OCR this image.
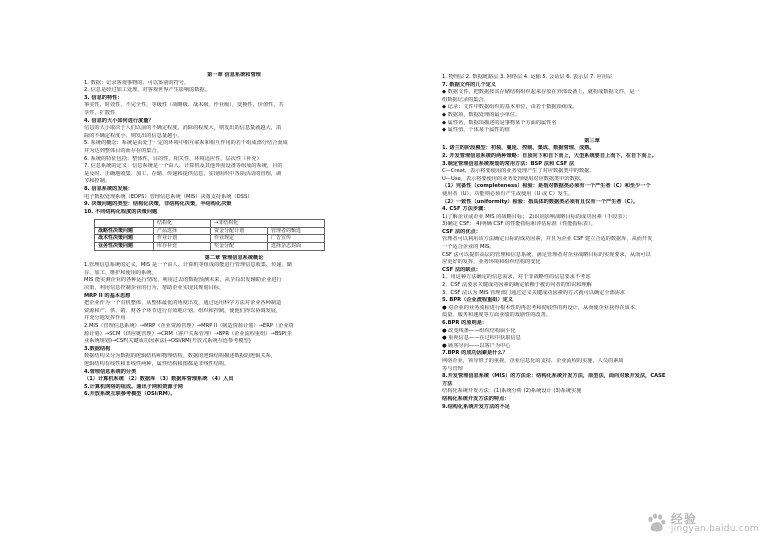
第一章 信息系统和管理
1. 数据：记录客观事物的、可以鉴别的符号。
2. 信息是经过加工处理，对客观世界产生影响的数据。
3. 信息的特性：
事实性，时效性，不完全性，等级性（战略级、战术级、作业级），变换性，价值性，共
享性，扩散性
4. 信息的大小如何进行度量？
信息的大小取决于人们以前的不确定程度，消除的程度大，则发出的信息量就越大，消
除的不确定程度小，则发出的信息量越小。
5. 系统的概念：系统是由处于一定的环境中相互联系和相互作用的若干组成部分结合而成
并为达到整体目的而存在的集合。
6. 系统的特征包括：整体性，目的性，相关性，环境适应性，层次性（补充）
7. 信息系统的定义：信息系统是一个由人、计算机及其他外围设备等组成的系统，目的
是及时、正确地收集、加工、存储、传递和提供信息，实现组织中各项活动的管理，调
节和控制。
8. 信息系统的发展：
电子数据处理系统（EDPS）管理信息系统（MIS）决策支持系统（DSS）
9. 决策问题的类型：结构化决策，非结构化决策，半结构化决策
10. 不同结构化程度的决策问题
	结构化	→非结构化	
战略性决策问题	产品选择	资金分配计划	管理者的甄选
战术性决策问题	作业计划	作业规定	广告宣传
业务性决策问题	库存补充	奖金分配	选择杂志封面
第二章 管理信息系统概论
1.管理信息系统的定义，MIS 是一个由人、计算机等组成的能进行管理信息收集、传递、储
存、加工、维护和使用的系统。
MIS 能实测企业的各种运行情况，利用过去的数据预测未来，从全局出发辅助企业进行
决策，利用信息控制企业的行为，帮助企业实现其规划目标。
MRP II 的基本思想
把企业作为一个有机整体，从整体最优的角度出发，通过运用科学方法对企业各种制造
资源和产、供、销、财各个环节进行有效地计划、组织和控制，使他们得以协调发展，
并充分地发挥作用
2.MIS（管理信息系统）→MRP（企业资源管理）→MRP II（制造资源计划）→ERP（企业资
源计划）→SCM（供应链管理）→CRM（客户关系管理）→BPR（企业流程重组）→BSP(企
业系统规划)→CSF(关键成功因素法)→OSI/RM(开放式系统互连参考模型)
3.数据结构
数据结构又分为数据的逻辑结构和物理结构。数据的逻辑结构描述数据的逻辑关系，
逻辑结构有线性和非线性两种，属性结构和图都是非线性结构。
4.管理信息系统的分类
（1）计算机系统 （2）数据库 （3）数据库管理系统 （4）人员
5.计算机网络的组成。通讯子网和资源子网
6.开放系统互联参考模型（OSI/RM）。
1. 物理层 2. 数据链路层 3. 网络层 4. 运输 5. 会话层 6. 表示层 7. 应用层
7. 数据文件的几个定义
◆ 数据文件，把数据按其存储结构组织起来存放在外部设备上，就构成数据文件，是一
组数据记录的集合。
◆ 记录：文件中数据组织的基本单位，由若干数据项组成。
◆ 数据项，数据处理的最小单位。
◆ 属性名，数据项描述的是事物某个方面的属性名
◆ 属性值，个体某个属性的值
第三章
1. 诺兰的阶段模型：初装、蔓延、控制、集成、数据管理、成熟。
2. 开发管理信息系统的两种策略：自顶向下和自下而上，大型系统要自上而下，在自下而上。
3.制定管理信息系统规划的常用方法：BSP 法和 CSF 法
C—Creat，表示将要使用的业务处理产生了对应数据类中的数据。
U—Use，表示将要使用的业务处理使用对应数据类中的数据。
（1）完备性（completeness）检验：是指对数据类必须有一个产生者（C）和至少一个
使用者（U），功能则必须有产生或使用（U 或 C）发生。
（2）一致性（uniformity）检验：指具体的数据类必须有且仅有一个产生者（C）。
4. CSF 方法步骤：
1)了解企业或企业 MIS 的战略目标； 2)识别影响战略目标的成功因素（手段表）；
3)确定 CSF； 4)明确 CSF 的性能指标和评估标准（性能指标表）。
CSF 法的优点：
管理者可以利用该方法确定目标的成功因素，并且为企业 CSF 建立合适的数据库，从而开发
一个适合企业的 MIS。
CSF 法可以提供高层的管理和信息系统，满足管理者对企业战略目标的实现要求，从而可以
应更好的发挥。业务环境和组织结构的变化
CSF 法的缺点：
1、用这种方法确定的信息需求，对于非战略性的信息要求不考虑
2、CSF 法要求关键成功因素的确定依赖于被访问者的知识和理解
3、CSF 法认为 MIS 管理部门通过定义关键成功因素的方式就可以确定全部需求
5. BPR（企业流程重组）定义
● 对企业的业务流程进行根本性的再思考和彻底性的再设计，从而使企业获得在成本、
质量、服务和速度等方面业绩的戏剧性的改善。
6.BPR 的原则是：
● 改变线条——组织结构扁平化
● 重视信息——在过程中获取信息
● 顾客导向——以客户为中心
7.BPR 的成功因素是什么？
网络企业，领导班子的重视，企业信息化的支持，企业流程的实施，人员的素质
等与管理
8.开发管理信息系统（MIS）的方法论：结构化系统开发方法，原型法，面向对象开发法，CASE
方法
结构化系统开发方法：(1)系统分析 (2)系统设计 (3)系统实施
结构化系统开发方法的特点：
9.结构化系统开发方法的不足
经验
jingyan.baidu.com
